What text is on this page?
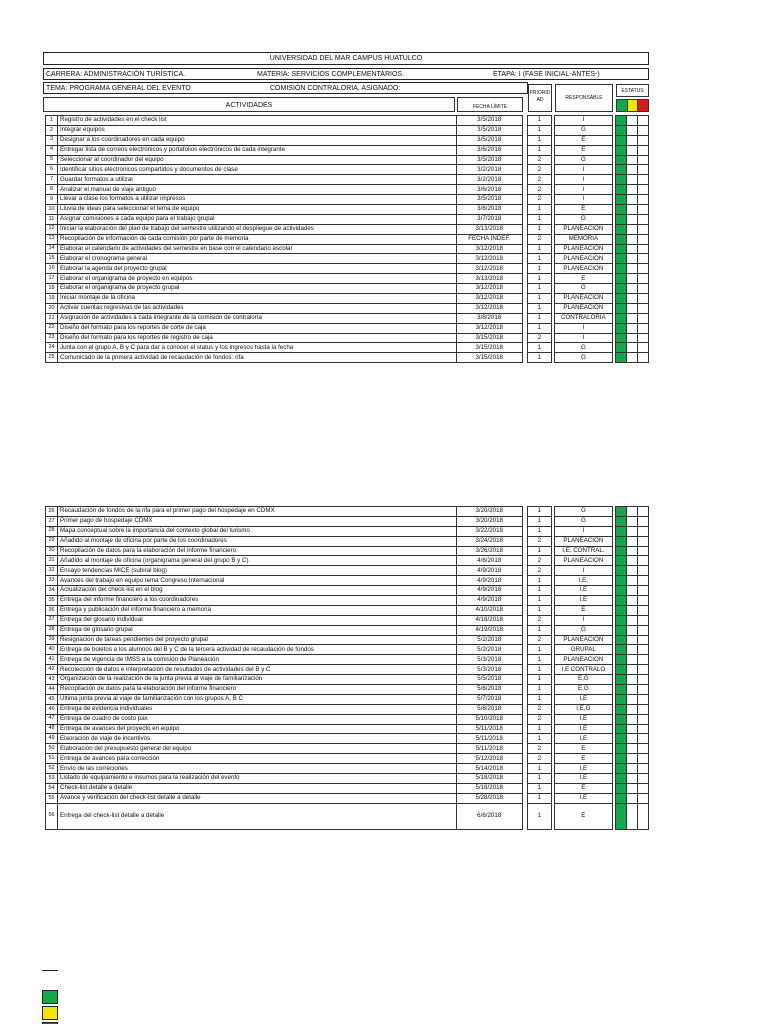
UNIVERSIDAD DEL MAR CAMPUS HUATULCO
CARRERA: ADMINISTRACIÓN TURÍSTICA.	MATERIA: SERVICIOS COMPLEMENTARIOS.	ETAPA: I (FASE INICIAL-ANTES-)
TEMA: PROGRAMA GENERAL DEL EVENTO	COMISIÓN CONTRALORIA, ASIGNADO:
ACTIVIDADES	FECHA LÍMITE
PRIORID AD	RESPONSABLE
ESTATUS
1	Registro de actividades en el check list	3/5/2018		1		I				
2	Integrar equipos	3/5/2018		1		G				
3	Designar a los coordinadores en cada equipo	3/5/2018		1		E				
4	Entregar lista de correos electrónicos y portafolios electrónicos de cada integrante	3/6/2018		1		E				
5	Seleccionar al coordinador del equipo	3/5/2018		2		G				
6	Identificar sitios electrónicos compartidos y documentos de clase	3/2/2018		2		I				
7	Guardar formatos a utilizar	3/2/2018		2		I				
8	Analizar el manual de viaje antiguo	3/6/2018		2		I				
9	Llevar a clase los formatos a utilizar impresos	3/5/2018		2		I				
10	Lluvia de ideas para seleccionar el tema de equipo	3/6/2018		1		E				
11	Asignar comisiones a cada equipo para el trabajo grupal	3/7/2018		1		G				
12	Iniciar la elaboración del plan de trabajo del semestre utilizando el despliegue de actividades	3/13/2018		1		PLANEACION				
13	Recopilación de información de cada comisión por parte de memoria	FECHA INDEF.		2		MEMORIA				
14	Elaborar el calendario de actividades del semestre en base con el calendario escolar	3/12/2018		1		PLANEACION				
15	Elaborar el cronograma general	3/12/2018		1		PLANEACION				
16	Elaborar la agenda del proyecto grupal	3/12/2018		1		PLANEACION				
17	Elaborar el organigrama de proyecto en equipos	3/13/2018		1		E				
18	Elaborar el organigrama de proyecto grupal	3/12/2018		1		G				
19	Iniciar montaje de la oficina	3/12/2018		1		PLANEACION				
20	Activar cuentas regresivas de las actividades	3/12/2018		1		PLANEACION				
21	Asignación de actividades a cada integrante de la comisión de contraloría	3/8/2018		1		CONTRALORIA				
22	Diseño del formato para los reportes de corte de caja	3/12/2018		1		I				
23	Diseño del formato para los reportes de registro de caja	3/15/2018		2		I				
24	Junta con el grupo A, B y C para dar a conocer el status y los ingresos hasta la fecha	3/15/2018		1		G				
25	Comunicado de la primera actividad de recaudación de fondos: rifa	3/15/2018		1		G				
26	Recaudación de fondos de la rifa para el primer pago del hospedaje en CDMX	3/20/2018		1		G				
27	Primer pago de hospedaje CDMX	3/20/2018		1		G				
28	Mapa conceptual sobre la importancia del contexto global del turismo	3/22/2018		1		I				
29	Añadido al montaje de oficina por parte de los coordinadores	3/24/2018		2		PLANEACION				
30	Recopilación de datos para la elaboración del informe financiero	3/26/2018		1		I,E, CONTRAL.				
31	Añadido al montaje de oficina (organigrama general del grupo B y C)	4/6/2018		2		PLANEACION				
32	Ensayo tendencias MICE (subiral blog)	4/9/2018		2		I				
33	Avances del trabajo en equipo tema Congreso Internacional	4/9/2018		1		I,E,				
34	Actualización del check-list en el blog	4/9/2018		1		I,E				
35	Entrega del informe financiero a los coordinadores	4/9/2018		1		I,E				
36	Entrega y publicación del informe financiero a memoria	4/10/2018		1		E				
37	Entrega del glosario individual	4/18/2018		2		I				
38	Entrega de glosario grupal	4/19/2018		1		G				
39	Resignación de tareas pendientes del proyecto grupal	5/2/2018		2		PLANEACION				
40	Entrega de boletos a los alumnos del B y C de la tercera actividad de recaudación de fondos	5/2/2018		1		GRUPAL				
41	Entrega de vigencia de IMSS a la comisión de Planeación	5/3/2018		1		PLANEACION				
42	Recolección de datos e interpretación de resultados de actividades del B y C	5/3/2018		1		I,E CONTRALO				
43	Organización de la realización de la junta previa al viaje de familiarización	5/5/2018		1		E,G				
44	Recopilación de datos para la elaboración del informe financiero	5/6/2018		1		E,G				
45	Última junta previa al viaje de familiarización con los grupos A, B C	5/7/2018		1		I,E				
46	Entrega de evidencia individuales	5/8/2018		2		I,E,G				
47	Entrega de cuadro de costo pax	5/10/2018		2		I,E				
48	Entrega de avances del proyecto en equipo	5/11/2018		1		I,E				
49	Elaoración de viaje de incentivos	5/11/2018		1		I,E				
50	Elaboración del presupuesto general del equipo	5/11/2018		2		E				
51	Entrega de avances para corrección	5/12/2018		2		E				
52	Envío de las correciones	5/14/2018		1		I,E				
53	Listado de equipamiento e insumos para la realización del evento	5/18/2018		1		I,E				
54	Check-list detalle a detalle	5/18/2018		1		E				
55	Avance y verificación del check-list detalle a detalle	5/28/2018		1		I,E				
56	Entrega del check-list detalle a detalle	6/6/2018		1		E				
